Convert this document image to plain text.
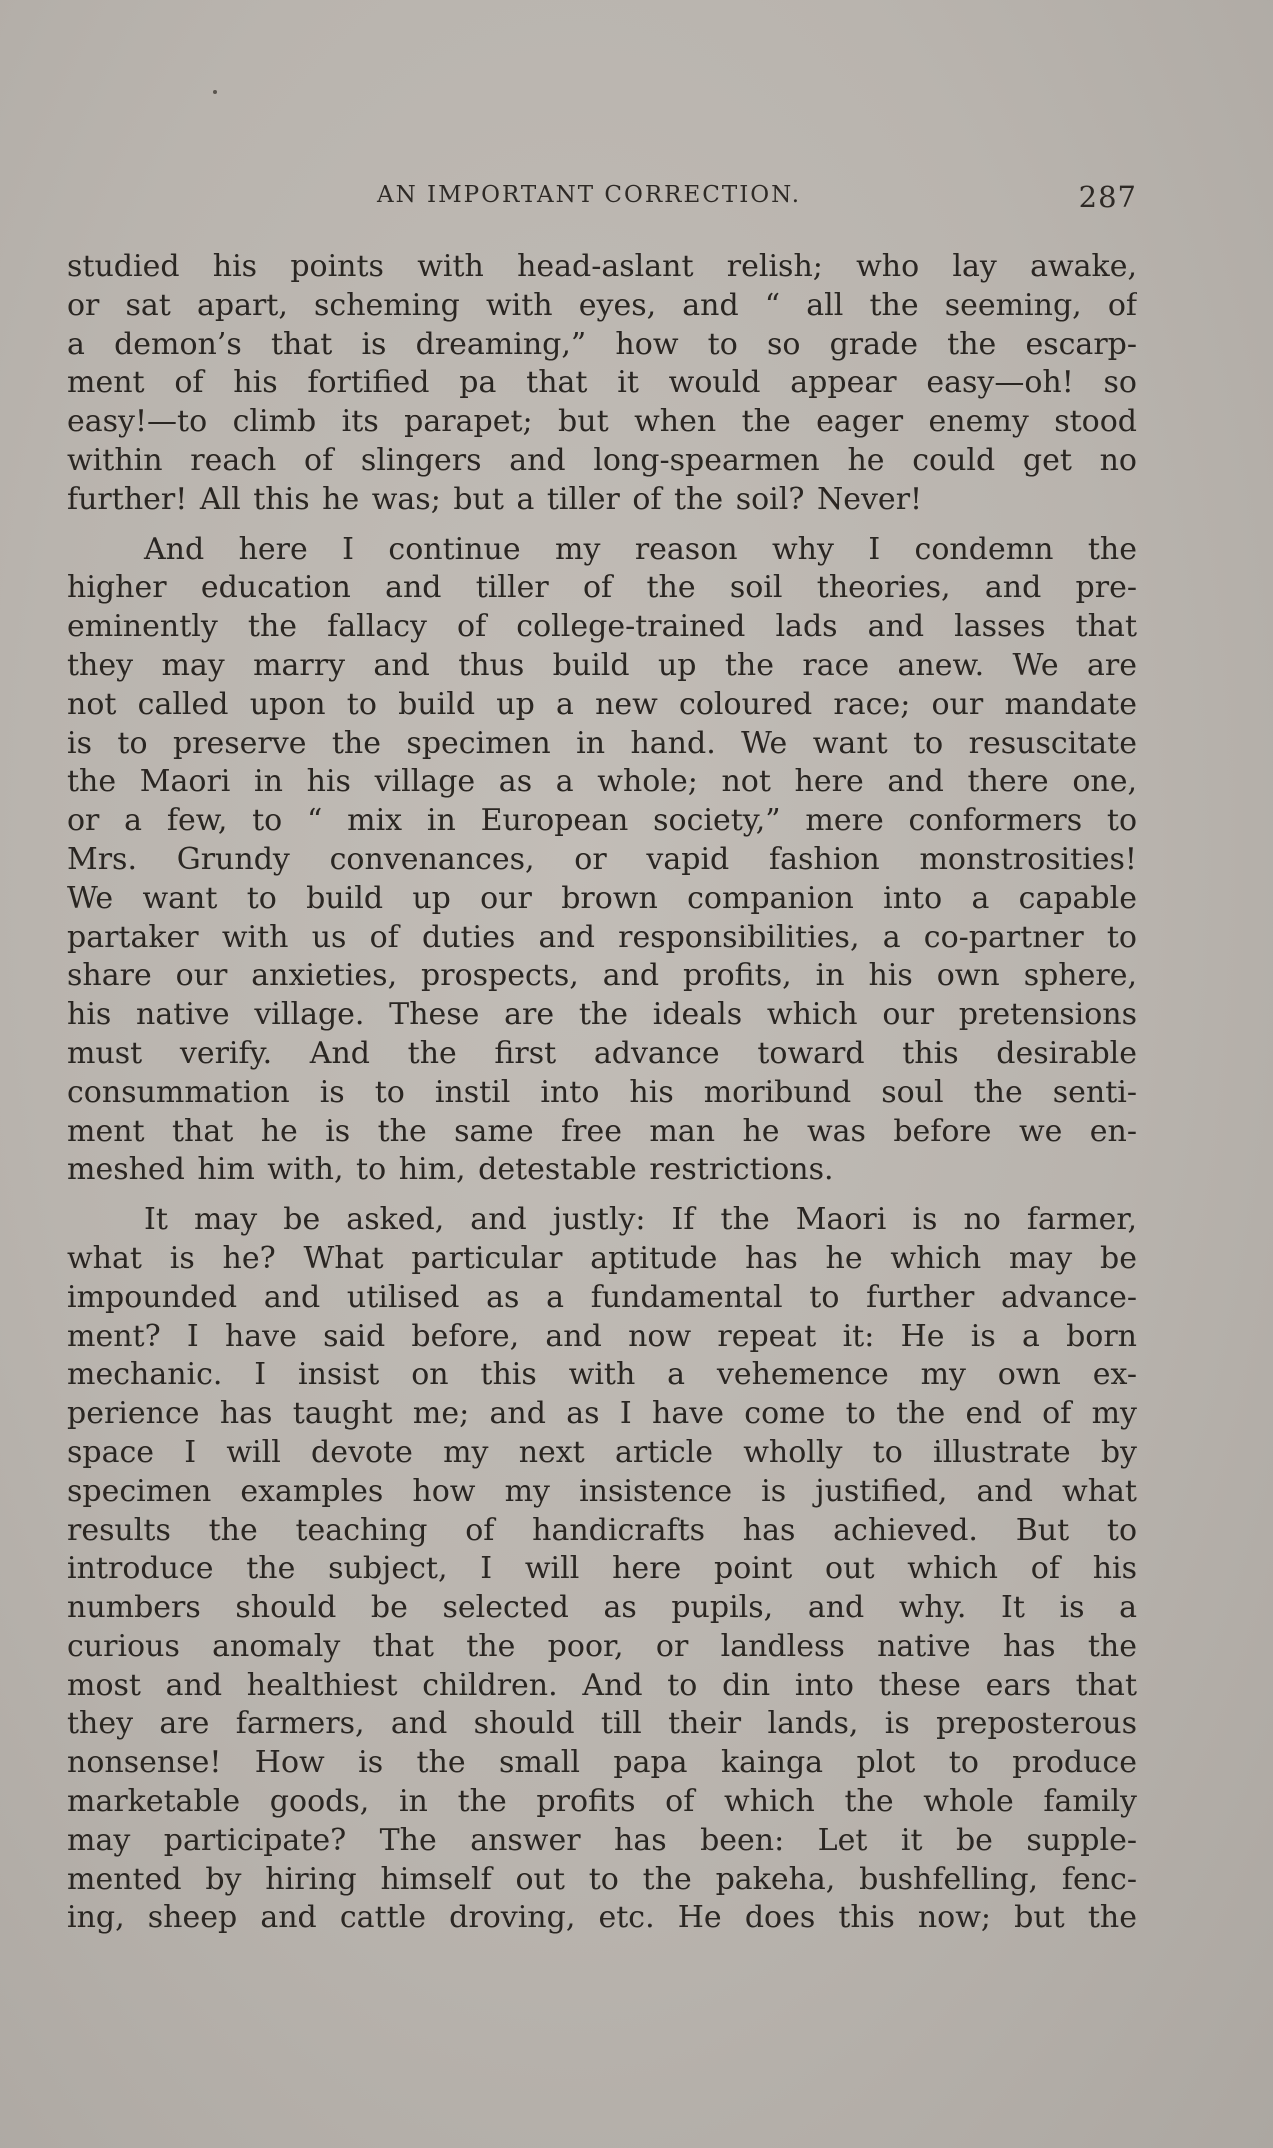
AN IMPORTANT CORRECTION.	287
studied his points with head-aslant relish; who lay awake,
or sat apart, scheming with eyes, and “ all the seeming, of
a demon’s that is dreaming,” how to so grade the escarp-
ment of his fortified pa that it would appear easy—oh! so
easy!—to climb its parapet; but when the eager enemy stood
within reach of slingers and long-spearmen he could get no
further! All this he was; but a tiller of the soil? Never!
And here I continue my reason why I condemn the
higher education and tiller of the soil theories, and pre-
eminently the fallacy of college-trained lads and lasses that
they may marry and thus build up the race anew. We are
not called upon to build up a new coloured race; our mandate
is to preserve the specimen in hand. We want to resuscitate
the Maori in his village as a whole; not here and there one,
or a few, to “ mix in European society,” mere conformers to
Mrs. Grundy convenances, or vapid fashion monstrosities!
We want to build up our brown companion into a capable
partaker with us of duties and responsibilities, a co-partner to
share our anxieties, prospects, and profits, in his own sphere,
his native village. These are the ideals which our pretensions
must verify. And the first advance toward this desirable
consummation is to instil into his moribund soul the senti-
ment that he is the same free man he was before we en-
meshed him with, to him, detestable restrictions.
It may be asked, and justly: If the Maori is no farmer,
what is he? What particular aptitude has he which may be
impounded and utilised as a fundamental to further advance-
ment? I have said before, and now repeat it: He is a born
mechanic. I insist on this with a vehemence my own ex-
perience has taught me; and as I have come to the end of my
space I will devote my next article wholly to illustrate by
specimen examples how my insistence is justified, and what
results the teaching of handicrafts has achieved. But to
introduce the subject, I will here point out which of his
numbers should be selected as pupils, and why. It is a
curious anomaly that the poor, or landless native has the
most and healthiest children. And to din into these ears that
they are farmers, and should till their lands, is preposterous
nonsense! How is the small papa kainga plot to produce
marketable goods, in the profits of which the whole family
may participate? The answer has been: Let it be supple-
mented by hiring himself out to the pakeha, bushfelling, fenc-
ing, sheep and cattle droving, etc. He does this now; but the
